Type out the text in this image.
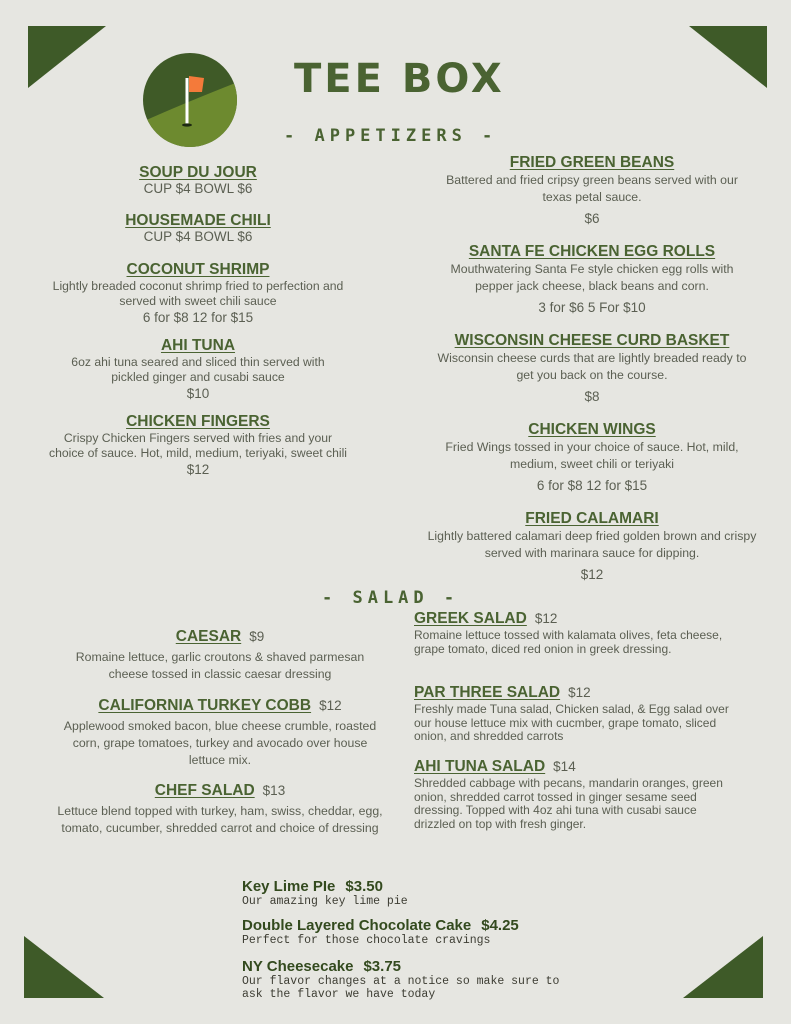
TEE BOX
- APPETIZERS -
SOUP DU JOUR
CUP $4 BOWL $6
HOUSEMADE CHILI
CUP $4 BOWL $6
COCONUT SHRIMP
Lightly breaded coconut shrimp fried to perfection and served with sweet chili sauce
6 for $8 12 for $15
AHI TUNA
6oz ahi tuna seared and sliced thin served with pickled ginger and cusabi sauce
$10
CHICKEN FINGERS
Crispy Chicken Fingers served with fries and your choice of sauce. Hot, mild, medium, teriyaki, sweet chili
$12
FRIED GREEN BEANS
Battered and fried cripsy green beans served with our texas petal sauce.
$6
SANTA FE CHICKEN EGG ROLLS
Mouthwatering Santa Fe style chicken egg rolls with pepper jack cheese, black beans and corn.
3 for $6 5 For $10
WISCONSIN CHEESE CURD BASKET
Wisconsin cheese curds that are lightly breaded ready to get you back on the course.
$8
CHICKEN WINGS
Fried Wings tossed in your choice of sauce. Hot, mild, medium, sweet chili or teriyaki
6 for $8 12 for $15
FRIED CALAMARI
Lightly battered calamari deep fried golden brown and crispy served with marinara sauce for dipping.
$12
- SALAD -
CAESAR $9
Romaine lettuce, garlic croutons & shaved parmesan cheese tossed in classic caesar dressing
CALIFORNIA TURKEY COBB $12
Applewood smoked bacon, blue cheese crumble, roasted corn, grape tomatoes, turkey and avocado over house lettuce mix.
CHEF SALAD $13
Lettuce blend topped with turkey, ham, swiss, cheddar, egg, tomato, cucumber, shredded carrot and choice of dressing
GREEK SALAD $12
Romaine lettuce tossed with kalamata olives, feta cheese, grape tomato, diced red onion in greek dressing.
PAR THREE SALAD $12
Freshly made Tuna salad, Chicken salad, & Egg salad over our house lettuce mix with cucmber, grape tomato, sliced onion, and shredded carrots
AHI TUNA SALAD $14
Shredded cabbage with pecans, mandarin oranges, green onion, shredded carrot tossed in ginger sesame seed dressing. Topped with 4oz ahi tuna with cusabi sauce drizzled on top with fresh ginger.
Key Lime PIe $3.50
Our amazing key lime pie
Double Layered Chocolate Cake $4.25
Perfect for those chocolate cravings
NY Cheesecake $3.75
Our flavor changes at a notice so make sure to ask the flavor we have today
